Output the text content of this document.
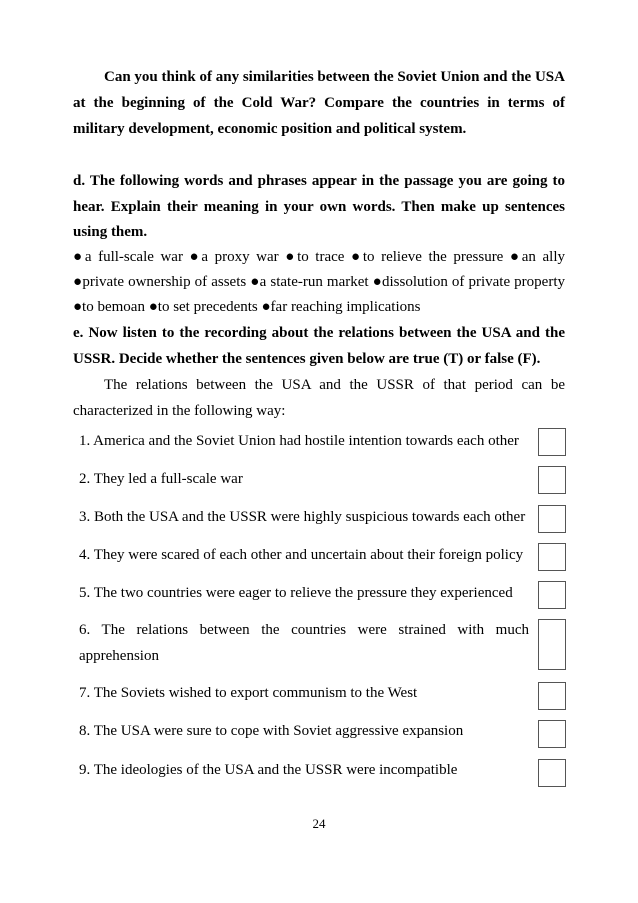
Can you think of any similarities between the Soviet Union and the USA
at the beginning of the Cold War? Compare the countries in terms of
military development, economic position and political system.
d. The following words and phrases appear in the passage you are going to
hear. Explain their meaning in your own words. Then make up sentences
using them.
●a full-scale war ●a proxy war ●to trace ●to relieve the pressure ●an ally
●private ownership of assets ●a state-run market ●dissolution of private property
●to bemoan ●to set precedents ●far reaching implications
e. Now listen to the recording about the relations between the USA and the
USSR. Decide whether the sentences given below are true (T) or false (F).
The relations between the USA and the USSR of that period can be
characterized in the following way:
1. America and the Soviet Union had hostile intention towards each other
2. They led a full-scale war
3. Both the USA and the USSR were highly suspicious towards each other
4. They were scared of each other and uncertain about their foreign policy
5. The two countries were eager to relieve the pressure they experienced
6. The relations between the countries were strained with much
apprehension
7. The Soviets wished to export communism to the West
8. The USA were sure to cope with Soviet aggressive expansion
9. The ideologies of the USA and the USSR were incompatible
24
